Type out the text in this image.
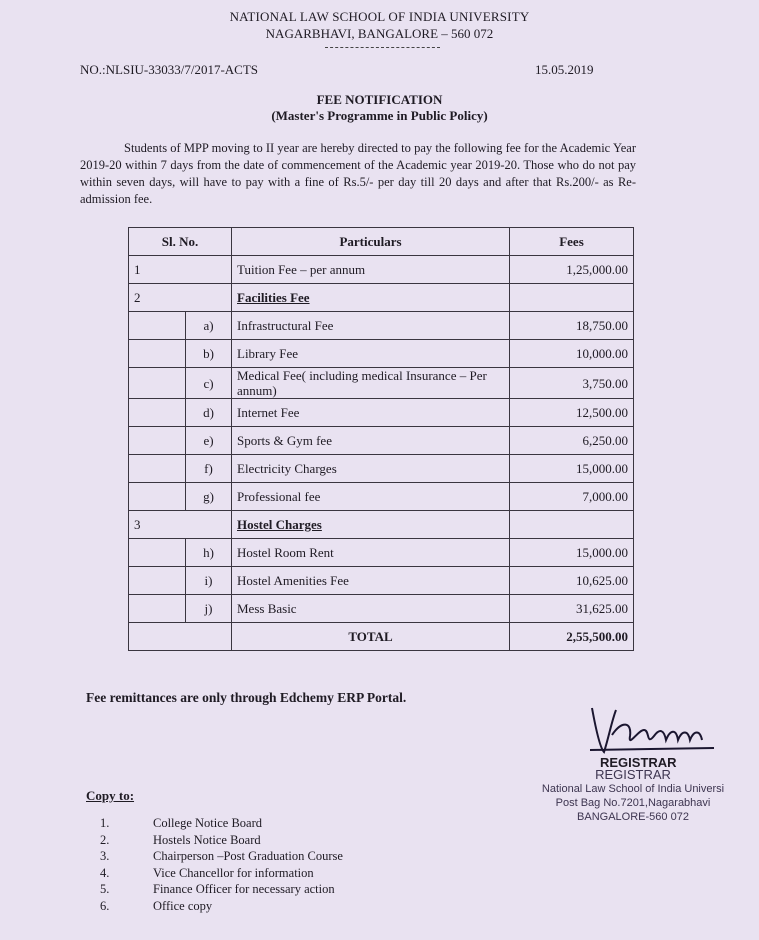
NATIONAL LAW SCHOOL OF INDIA UNIVERSITY
NAGARBHAVI, BANGALORE – 560 072
NO.:NLSIU-33033/7/2017-ACTS	15.05.2019
FEE NOTIFICATION
(Master's Programme in Public Policy)
Students of MPP moving to II year are hereby directed to pay the following fee for the Academic Year 2019-20 within 7 days from the date of commencement of the Academic year 2019-20. Those who do not pay within seven days, will have to pay with a fine of Rs.5/- per day till 20 days and after that Rs.200/- as Re-admission fee.
Sl. No.		Particulars	Fees
1		Tuition Fee – per annum	1,25,000.00
2		Facilities Fee	
	a)	Infrastructural Fee	18,750.00
	b)	Library Fee	10,000.00
	c)	Medical Fee( including medical Insurance – Per annum)	3,750.00
	d)	Internet Fee	12,500.00
	e)	Sports & Gym fee	6,250.00
	f)	Electricity Charges	15,000.00
	g)	Professional fee	7,000.00
3		Hostel Charges	
	h)	Hostel Room Rent	15,000.00
	i)	Hostel Amenities Fee	10,625.00
	j)	Mess Basic	31,625.00
		TOTAL	2,55,500.00
Fee remittances are only through Edchemy ERP Portal.
REGISTRAR
REGISTRAR
National Law School of India Universi
Post Bag No.7201,Nagarabhavi
BANGALORE-560 072
Copy to:
1.	College Notice Board
2.	Hostels Notice Board
3.	Chairperson –Post Graduation Course
4.	Vice Chancellor for information
5.	Finance Officer for necessary action
6.	Office copy
